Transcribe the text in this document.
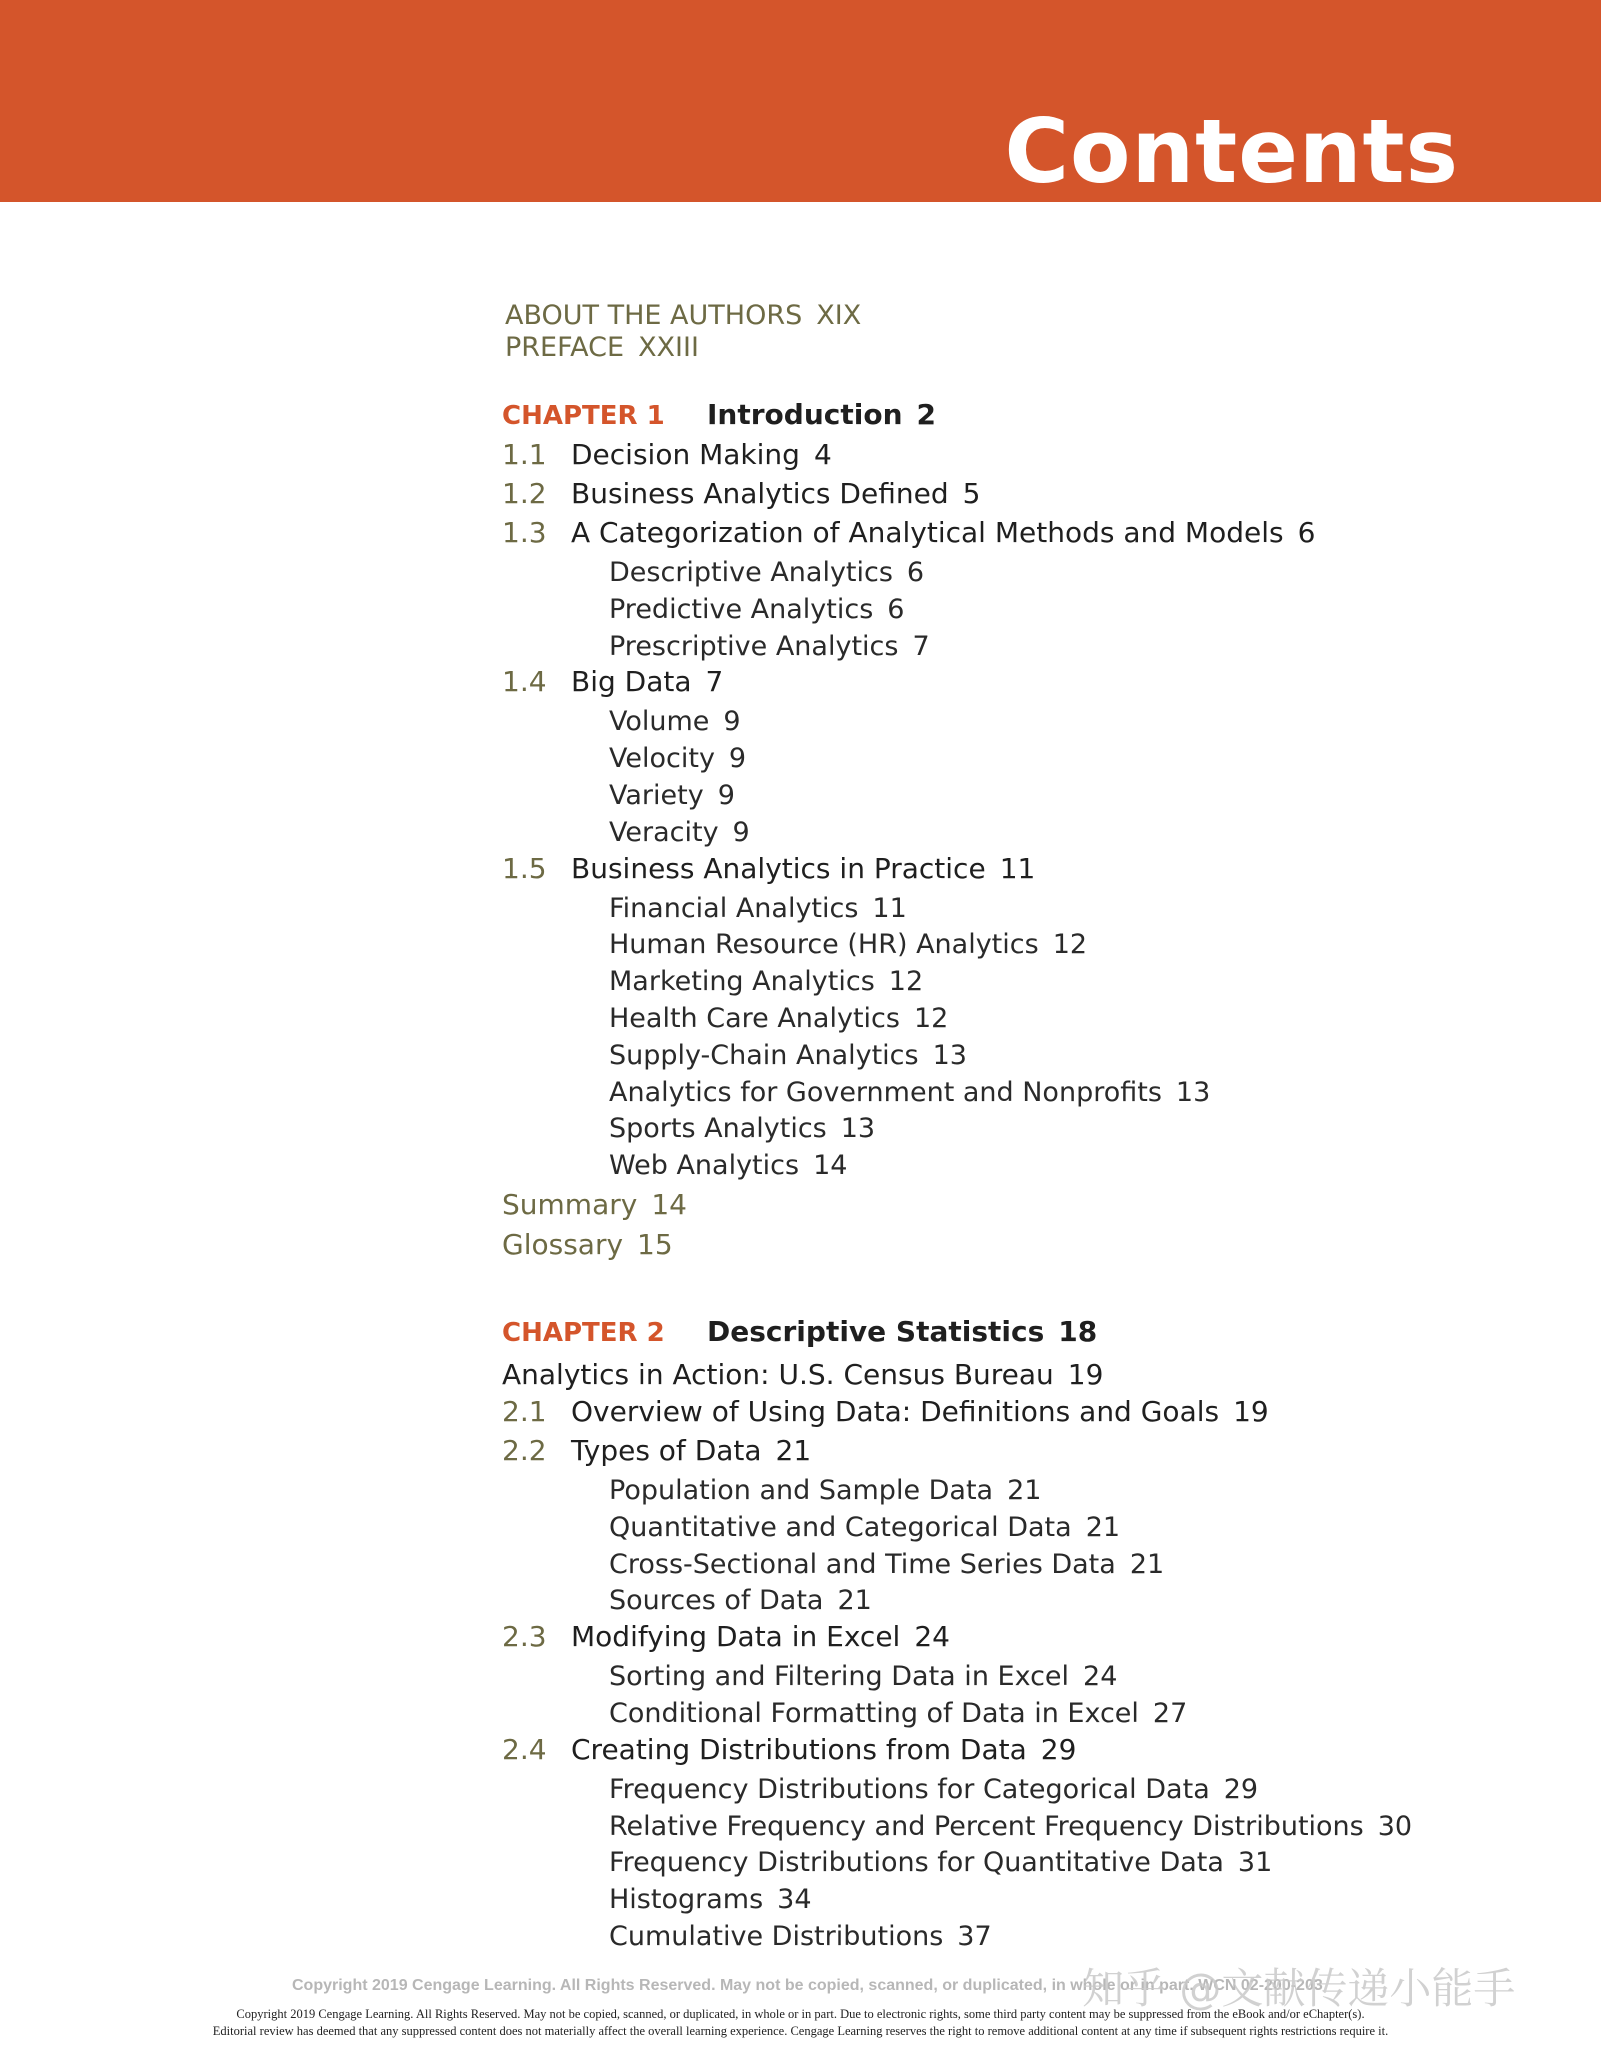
Contents
ABOUT THE AUTHORS XIX
PREFACE XXIII
CHAPTER 1	Introduction 2
1.1 Decision Making 4
1.2 Business Analytics Defined 5
1.3 A Categorization of Analytical Methods and Models 6
Descriptive Analytics 6
Predictive Analytics 6
Prescriptive Analytics 7
1.4 Big Data 7
Volume 9
Velocity 9
Variety 9
Veracity 9
1.5 Business Analytics in Practice 11
Financial Analytics 11
Human Resource (HR) Analytics 12
Marketing Analytics 12
Health Care Analytics 12
Supply-Chain Analytics 13
Analytics for Government and Nonprofits 13
Sports Analytics 13
Web Analytics 14
Summary 14
Glossary 15
CHAPTER 2	Descriptive Statistics 18
Analytics in Action: U.S. Census Bureau 19
2.1 Overview of Using Data: Definitions and Goals 19
2.2 Types of Data 21
Population and Sample Data 21
Quantitative and Categorical Data 21
Cross-Sectional and Time Series Data 21
Sources of Data 21
2.3 Modifying Data in Excel 24
Sorting and Filtering Data in Excel 24
Conditional Formatting of Data in Excel 27
2.4 Creating Distributions from Data 29
Frequency Distributions for Categorical Data 29
Relative Frequency and Percent Frequency Distributions 30
Frequency Distributions for Quantitative Data 31
Histograms 34
Cumulative Distributions 37
Copyright 2019 Cengage Learning. All Rights Reserved. May not be copied, scanned, or duplicated, in whole or in part. WCN 02-200-203
知乎 @文献传递小能手
Copyright 2019 Cengage Learning. All Rights Reserved. May not be copied, scanned, or duplicated, in whole or in part. Due to electronic rights, some third party content may be suppressed from the eBook and/or eChapter(s).
Editorial review has deemed that any suppressed content does not materially affect the overall learning experience. Cengage Learning reserves the right to remove additional content at any time if subsequent rights restrictions require it.
